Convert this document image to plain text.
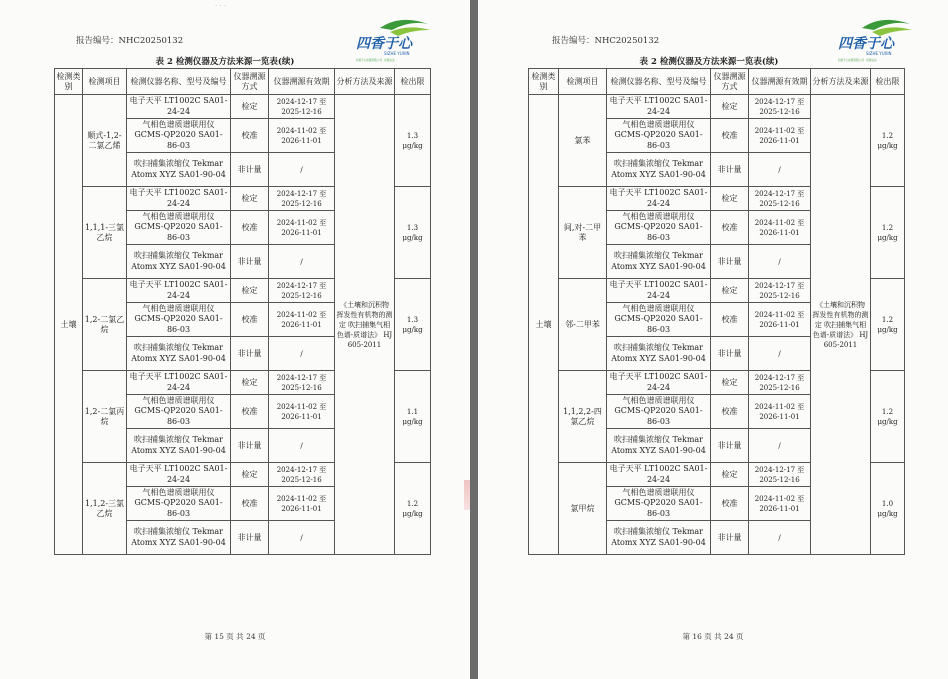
· · ·
报告编号：NHC20250132	四香于心
SIZHE YUXIN
四香于心检测有限公司 · 检测认证
表 2 检测仪器及方法来源一览表(续)
检测类别	检测项目	检测仪器名称、型号及编号	仪器溯源方式	仪器溯源有效期	分析方法及来源	检出限
土壤	顺式-1,2-二氯乙烯	电子天平 LT1002C SA01-24-24	检定	2024-12-17 至 2025-12-16	《土壤和沉积物 挥发性有机物的测定 吹扫捕集气相色谱-质谱法》 HJ 605-2011	1.3 μg/kg
		气相色谱质谱联用仪 GCMS-QP2020 SA01-86-03	校准	2024-11-02 至 2026-11-01		
		吹扫捕集浓缩仪 Tekmar Atomx XYZ SA01-90-04	非计量	/		
	1,1,1-三氯乙烷	电子天平 LT1002C SA01-24-24	检定	2024-12-17 至 2025-12-16		1.3 μg/kg
		气相色谱质谱联用仪 GCMS-QP2020 SA01-86-03	校准	2024-11-02 至 2026-11-01		
		吹扫捕集浓缩仪 Tekmar Atomx XYZ SA01-90-04	非计量	/		
	1,2-二氯乙烷	电子天平 LT1002C SA01-24-24	检定	2024-12-17 至 2025-12-16		1.3 μg/kg
		气相色谱质谱联用仪 GCMS-QP2020 SA01-86-03	校准	2024-11-02 至 2026-11-01		
		吹扫捕集浓缩仪 Tekmar Atomx XYZ SA01-90-04	非计量	/		
	1,2-二氯丙烷	电子天平 LT1002C SA01-24-24	检定	2024-12-17 至 2025-12-16		1.1 μg/kg
		气相色谱质谱联用仪 GCMS-QP2020 SA01-86-03	校准	2024-11-02 至 2026-11-01		
		吹扫捕集浓缩仪 Tekmar Atomx XYZ SA01-90-04	非计量	/		
	1,1,2-三氯乙烷	电子天平 LT1002C SA01-24-24	检定	2024-12-17 至 2025-12-16		1.2 μg/kg
		气相色谱质谱联用仪 GCMS-QP2020 SA01-86-03	校准	2024-11-02 至 2026-11-01		
		吹扫捕集浓缩仪 Tekmar Atomx XYZ SA01-90-04	非计量	/		
第 15 页 共 24 页
报告编号：NHC20250132	四香于心
SIZHE YUXIN
四香于心检测有限公司 · 检测认证
表 2 检测仪器及方法来源一览表(续)
检测类别	检测项目	检测仪器名称、型号及编号	仪器溯源方式	仪器溯源有效期	分析方法及来源	检出限
土壤	氯苯	电子天平 LT1002C SA01-24-24	检定	2024-12-17 至 2025-12-16	《土壤和沉积物 挥发性有机物的测定 吹扫捕集气相色谱-质谱法》 HJ 605-2011	1.2 μg/kg
		气相色谱质谱联用仪 GCMS-QP2020 SA01-86-03	校准	2024-11-02 至 2026-11-01		
		吹扫捕集浓缩仪 Tekmar Atomx XYZ SA01-90-04	非计量	/		
	间,对-二甲苯	电子天平 LT1002C SA01-24-24	检定	2024-12-17 至 2025-12-16		1.2 μg/kg
		气相色谱质谱联用仪 GCMS-QP2020 SA01-86-03	校准	2024-11-02 至 2026-11-01		
		吹扫捕集浓缩仪 Tekmar Atomx XYZ SA01-90-04	非计量	/		
	邻-二甲苯	电子天平 LT1002C SA01-24-24	检定	2024-12-17 至 2025-12-16		1.2 μg/kg
		气相色谱质谱联用仪 GCMS-QP2020 SA01-86-03	校准	2024-11-02 至 2026-11-01		
		吹扫捕集浓缩仪 Tekmar Atomx XYZ SA01-90-04	非计量	/		
	1,1,2,2-四氯乙烷	电子天平 LT1002C SA01-24-24	检定	2024-12-17 至 2025-12-16		1.2 μg/kg
		气相色谱质谱联用仪 GCMS-QP2020 SA01-86-03	校准	2024-11-02 至 2026-11-01		
		吹扫捕集浓缩仪 Tekmar Atomx XYZ SA01-90-04	非计量	/		
	氯甲烷	电子天平 LT1002C SA01-24-24	检定	2024-12-17 至 2025-12-16		1.0 μg/kg
		气相色谱质谱联用仪 GCMS-QP2020 SA01-86-03	校准	2024-11-02 至 2026-11-01		
		吹扫捕集浓缩仪 Tekmar Atomx XYZ SA01-90-04	非计量	/		
第 16 页 共 24 页
